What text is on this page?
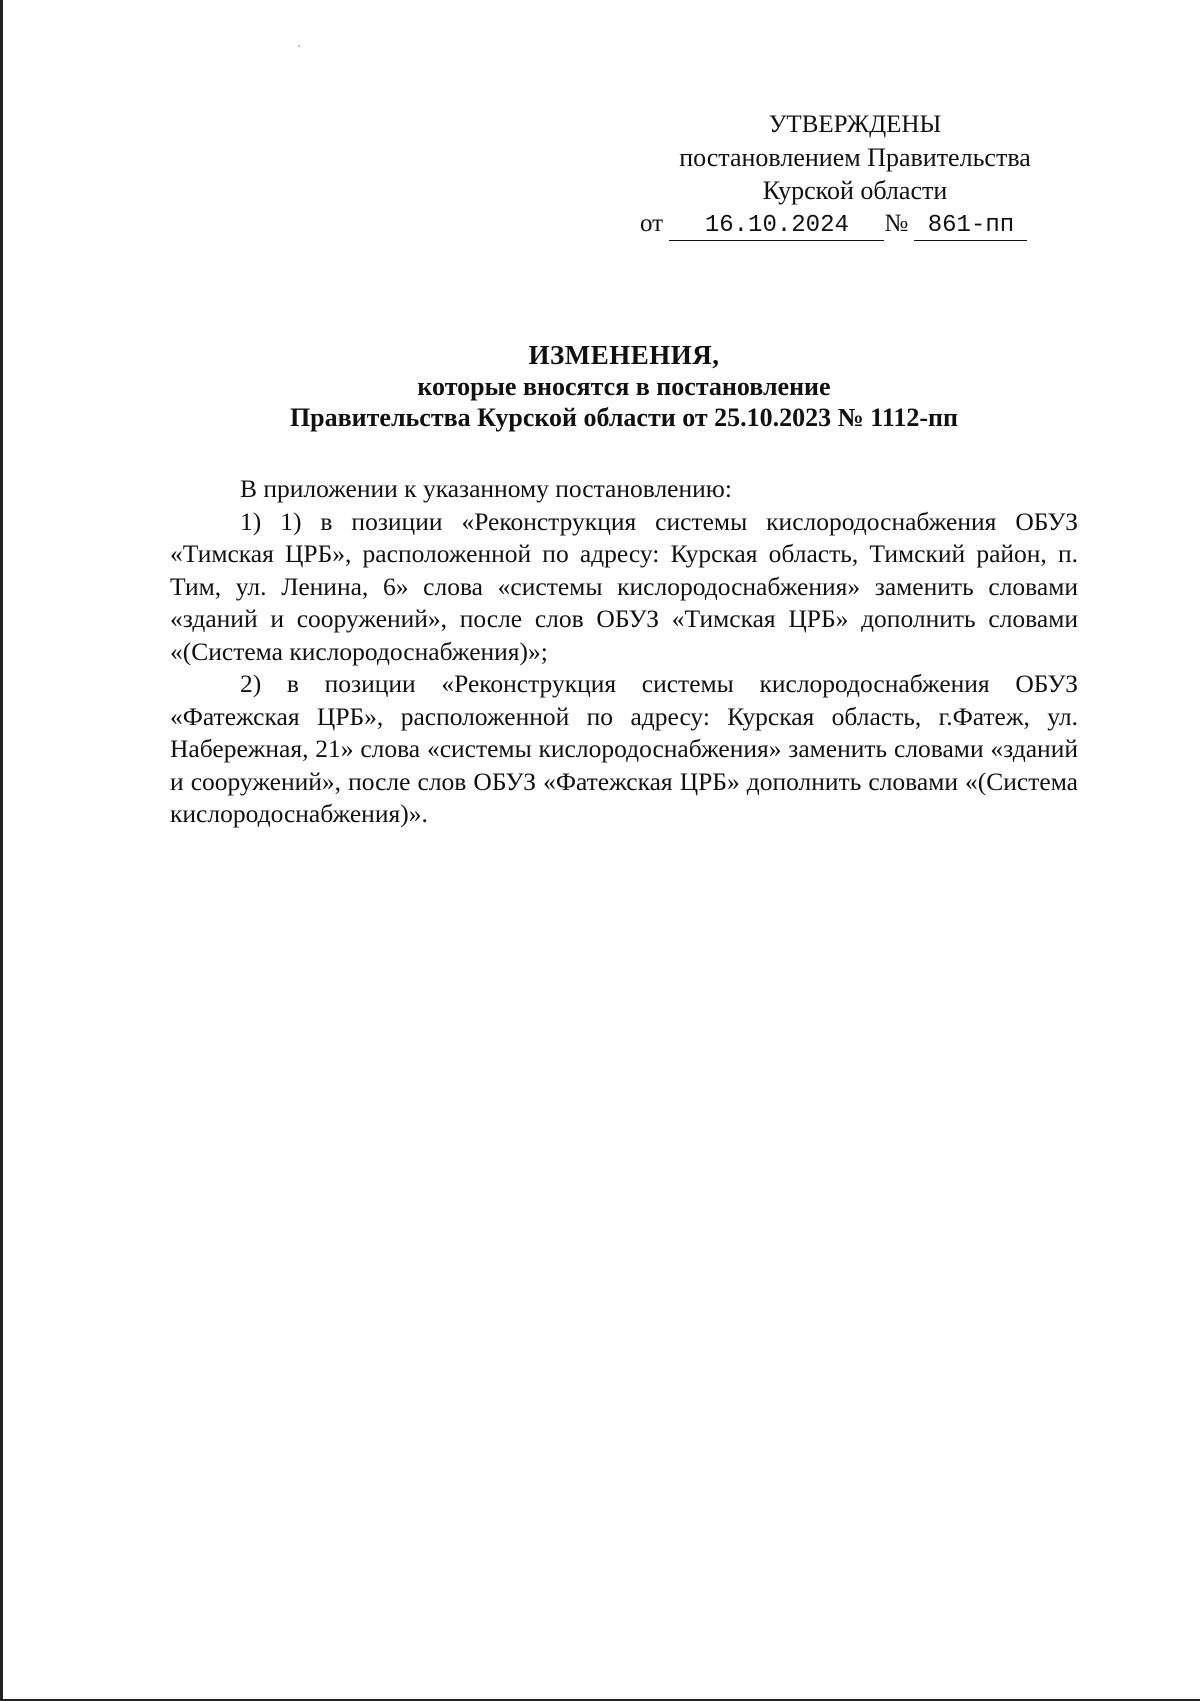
УТВЕРЖДЕНЫ
постановлением Правительства
Курской области
от 16.10.2024 № 861-пп
ИЗМЕНЕНИЯ,
которые вносятся в постановление
Правительства Курской области от 25.10.2023 № 1112-пп

В приложении к указанному постановлению:

1) 1) в позиции «Реконструкция системы кислородоснабжения ОБУЗ «Тимская ЦРБ», расположенной по адресу: Курская область, Тимский район, п. Тим, ул. Ленина, 6» слова «системы кислородоснабжения» заменить словами «зданий и сооружений», после слов ОБУЗ «Тимская ЦРБ» дополнить словами «(Система кислородоснабжения)»;

2) в позиции «Реконструкция системы кислородоснабжения ОБУЗ «Фатежская ЦРБ», расположенной по адресу: Курская область, г.Фатеж, ул. Набережная, 21» слова «системы кислородоснабжения» заменить словами «зданий и сооружений», после слов ОБУЗ «Фатежская ЦРБ» дополнить словами «(Система кислородоснабжения)».
